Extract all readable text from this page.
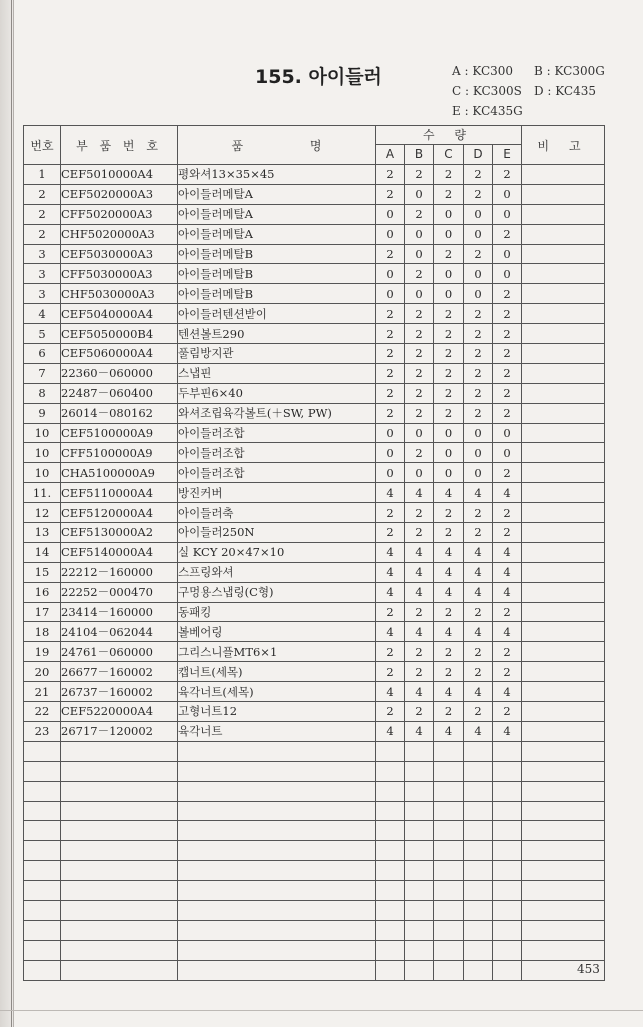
155. 아이들러	A : KC300 B : KC300G
C : KC300S D : KC435
E : KC435G
번호	부 품 번 호	품 명	수 량					비 고
			A	B	C	D	E	
1	CEF5010000A4	평와셔13×35×45	2	2	2	2	2	
2	CEF5020000A3	아이들러메탈A	2	0	2	2	0	
2	CFF5020000A3	아이들러메탈A	0	2	0	0	0	
2	CHF5020000A3	아이들러메탈A	0	0	0	0	2	
3	CEF5030000A3	아이들러메탈B	2	0	2	2	0	
3	CFF5030000A3	아이들러메탈B	0	2	0	0	0	
3	CHF5030000A3	아이들러메탈B	0	0	0	0	2	
4	CEF5040000A4	아이들러텐션받이	2	2	2	2	2	
5	CEF5050000B4	텐션볼트290	2	2	2	2	2	
6	CEF5060000A4	풀림방지관	2	2	2	2	2	
7	22360－060000	스냅핀	2	2	2	2	2	
8	22487－060400	두부핀6×40	2	2	2	2	2	
9	26014－080162	와셔조립육각볼트(＋SW, PW)	2	2	2	2	2	
10	CEF5100000A9	아이들러조합	0	0	0	0	0	
10	CFF5100000A9	아이들러조합	0	2	0	0	0	
10	CHA5100000A9	아이들러조합	0	0	0	0	2	
11.	CEF5110000A4	방진커버	4	4	4	4	4	
12	CEF5120000A4	아이들러축	2	2	2	2	2	
13	CEF5130000A2	아이들러250N	2	2	2	2	2	
14	CEF5140000A4	실 KCY 20×47×10	4	4	4	4	4	
15	22212－160000	스프링와셔	4	4	4	4	4	
16	22252－000470	구멍용스냅링(C형)	4	4	4	4	4	
17	23414－160000	동패킹	2	2	2	2	2	
18	24104－062044	볼베어링	4	4	4	4	4	
19	24761－060000	그리스니플MT6×1	2	2	2	2	2	
20	26677－160002	캡너트(세목)	2	2	2	2	2	
21	26737－160002	육각너트(세목)	4	4	4	4	4	
22	CEF5220000A4	고형너트12	2	2	2	2	2	
23	26717－120002	육각너트	4	4	4	4	4	

453
